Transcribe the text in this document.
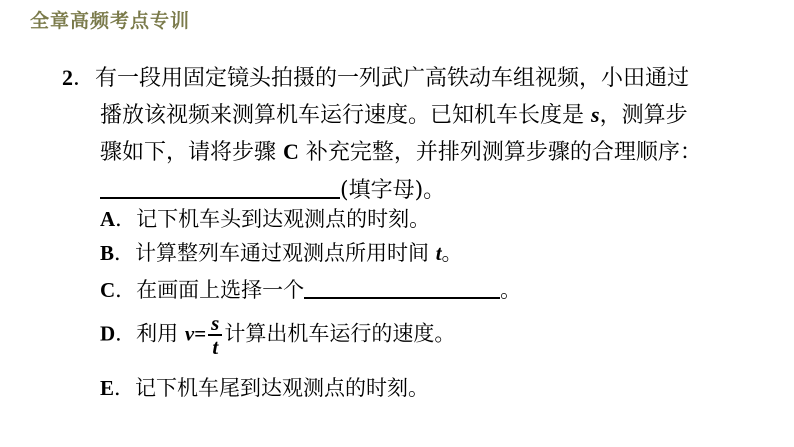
全章高频考点专训
2．有一段用固定镜头拍摄的一列武广高铁动车组视频，小田通过
播放该视频来测算机车运行速度。已知机车长度是 s，测算步
骤如下，请将步骤 C 补充完整，并排列测算步骤的合理顺序：
(填字母)。
A．记下机车头到达观测点的时刻。
B．计算整列车通过观测点所用时间 t。
C．在画面上选择一个	。
D．利用 $v= \frac{s}{t}$ 计算出机车运行的速度。
E．记下机车尾到达观测点的时刻。
